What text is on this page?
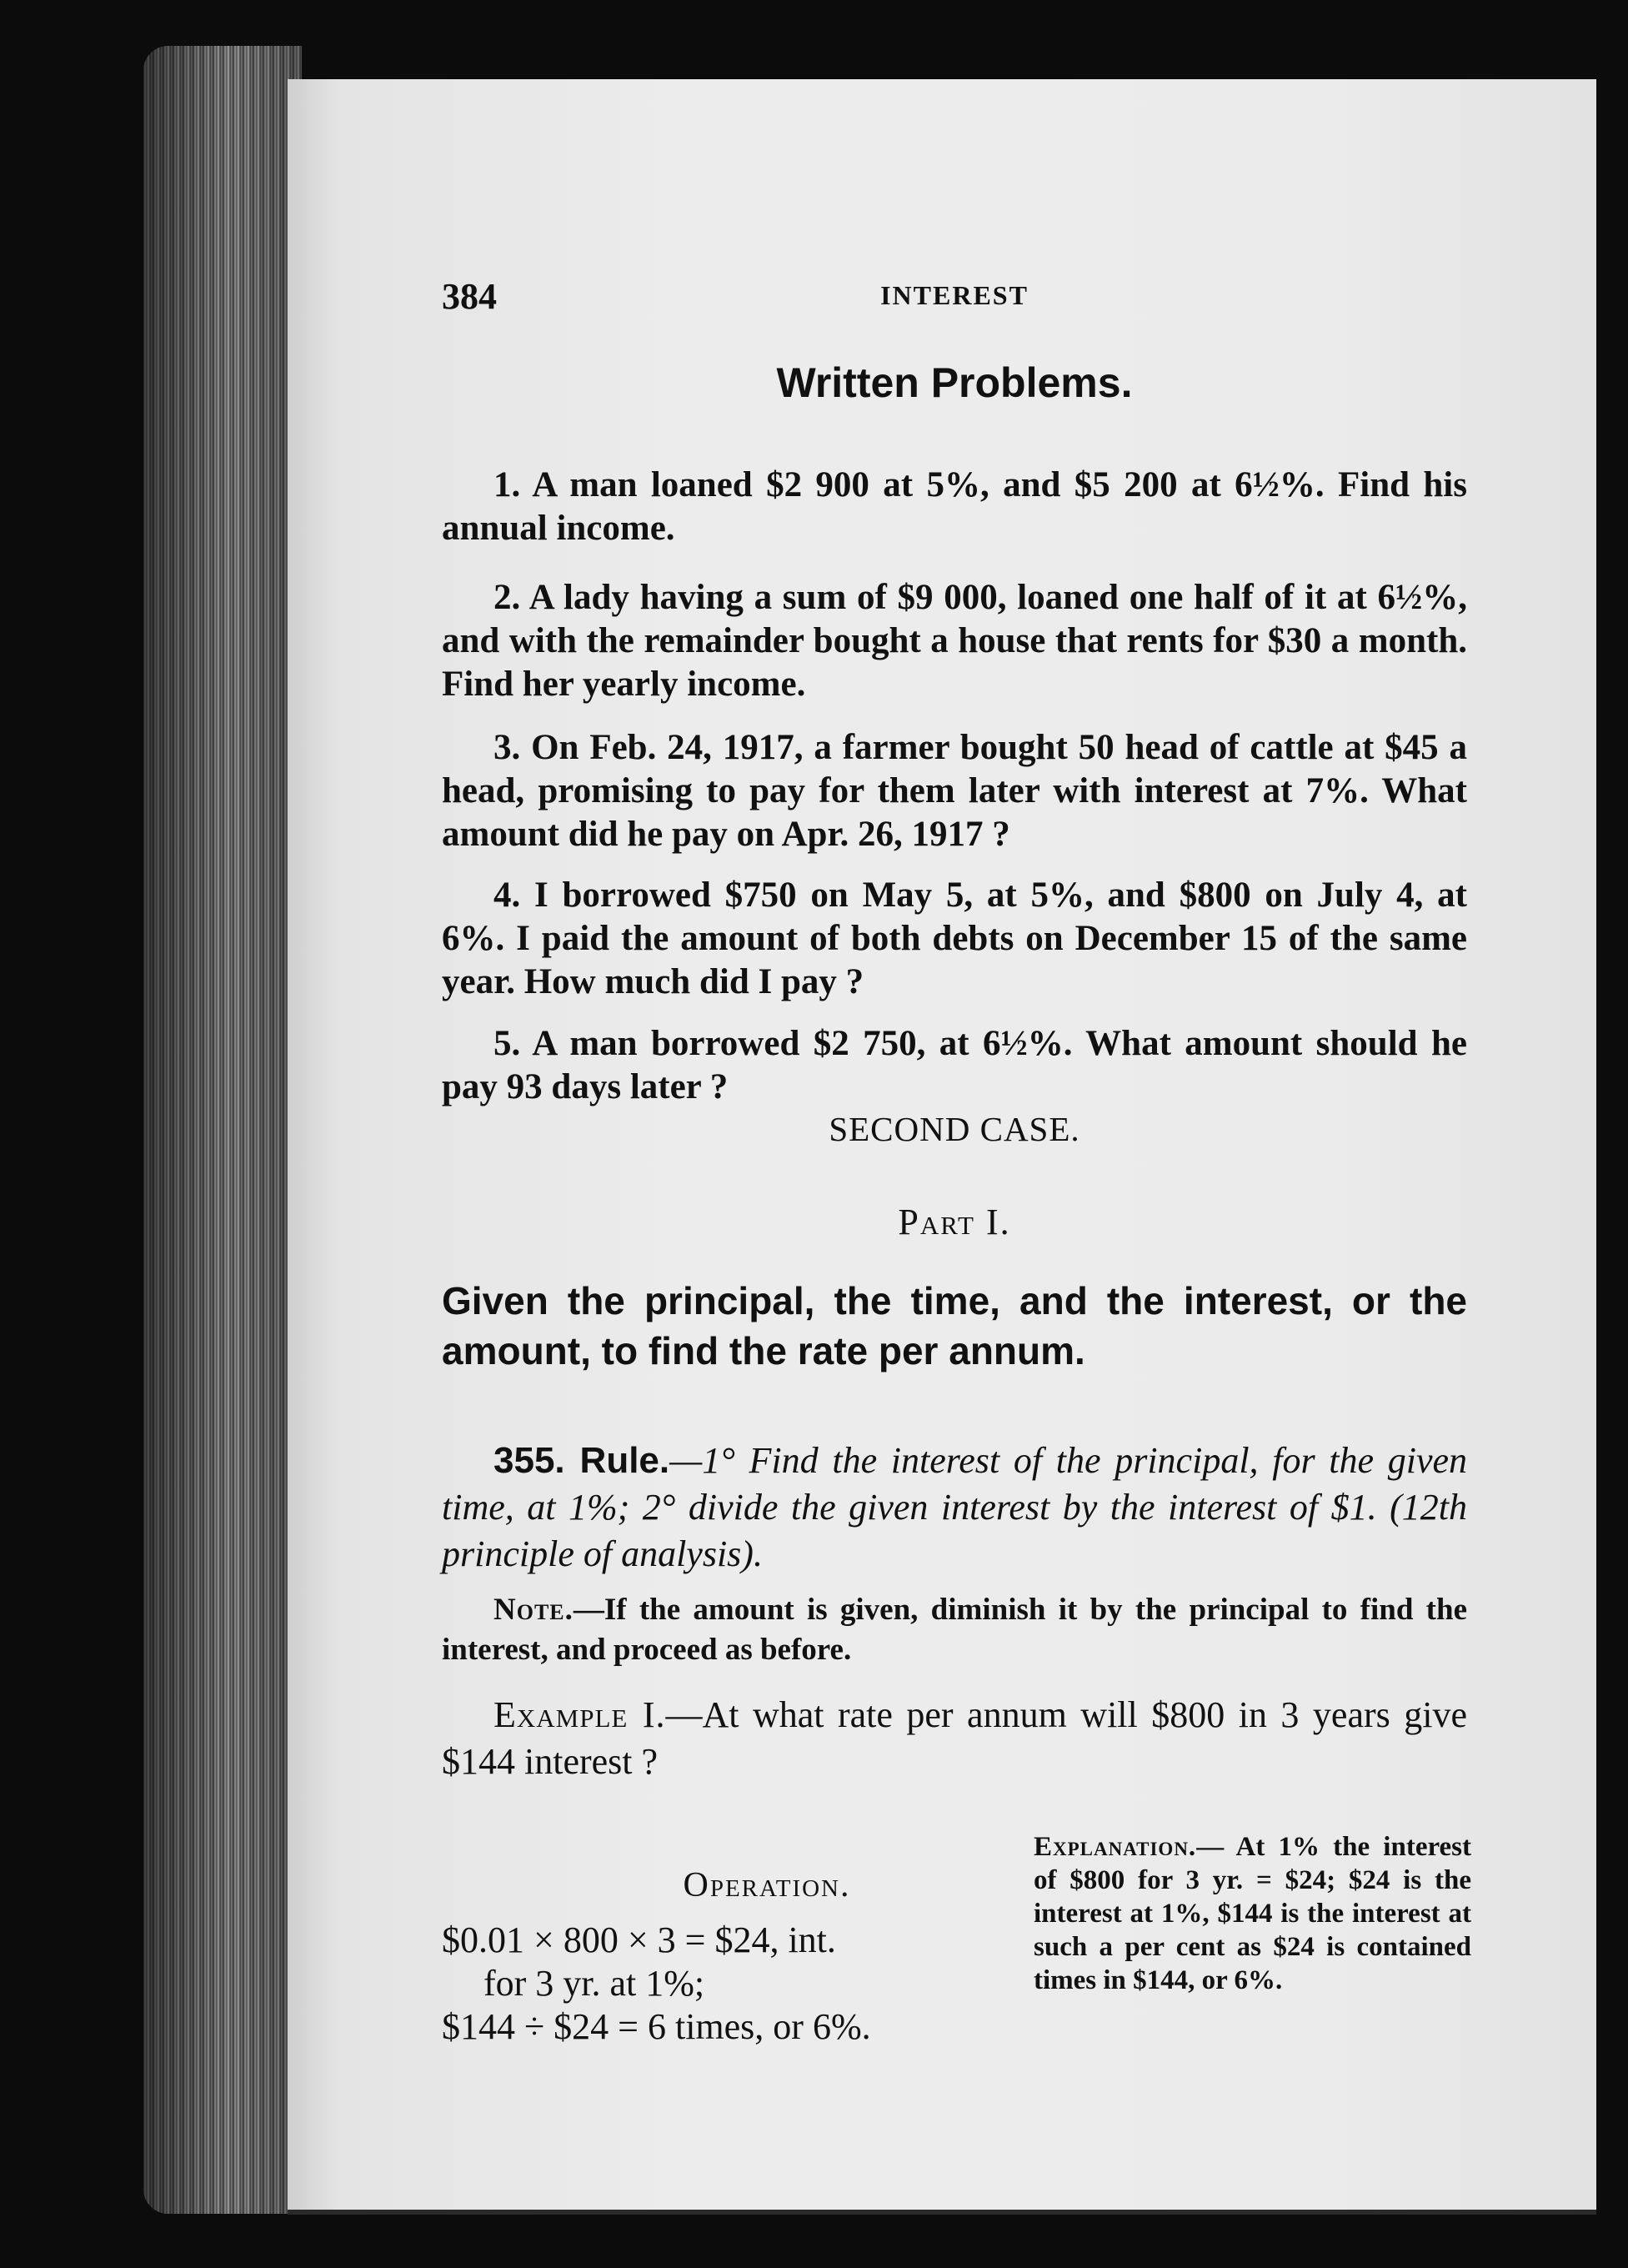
384	INTEREST
Written Problems.

1. A man loaned $2 900 at 5%, and $5 200 at 6½%. Find his annual income.

2. A lady having a sum of $9 000, loaned one half of it at 6½%, and with the remainder bought a house that rents for $30 a month. Find her yearly income.

3. On Feb. 24, 1917, a farmer bought 50 head of cattle at $45 a head, promising to pay for them later with interest at 7%. What amount did he pay on Apr. 26, 1917 ?

4. I borrowed $750 on May 5, at 5%, and $800 on July 4, at 6%. I paid the amount of both debts on December 15 of the same year. How much did I pay ?

5. A man borrowed $2 750, at 6½%. What amount should he pay 93 days later ?

SECOND CASE.
Part I.
Given the principal, the time, and the interest, or the amount, to find the rate per annum.

355. Rule.—1° Find the interest of the principal, for the given time, at 1%; 2° divide the given interest by the interest of $1. (12th principle of analysis).

Note.—If the amount is given, diminish it by the principal to find the interest, and proceed as before.

Example I.—At what rate per annum will $800 in 3 years give $144 interest ?

Operation.
$0.01 × 800 × 3 = $24, int.
for 3 yr. at 1%;
$144 ÷ $24 = 6 times, or 6%.
Explanation.— At 1% the interest of $800 for 3 yr. = $24; $24 is the interest at 1%, $144 is the interest at such a per cent as $24 is contained times in $144, or 6%.
